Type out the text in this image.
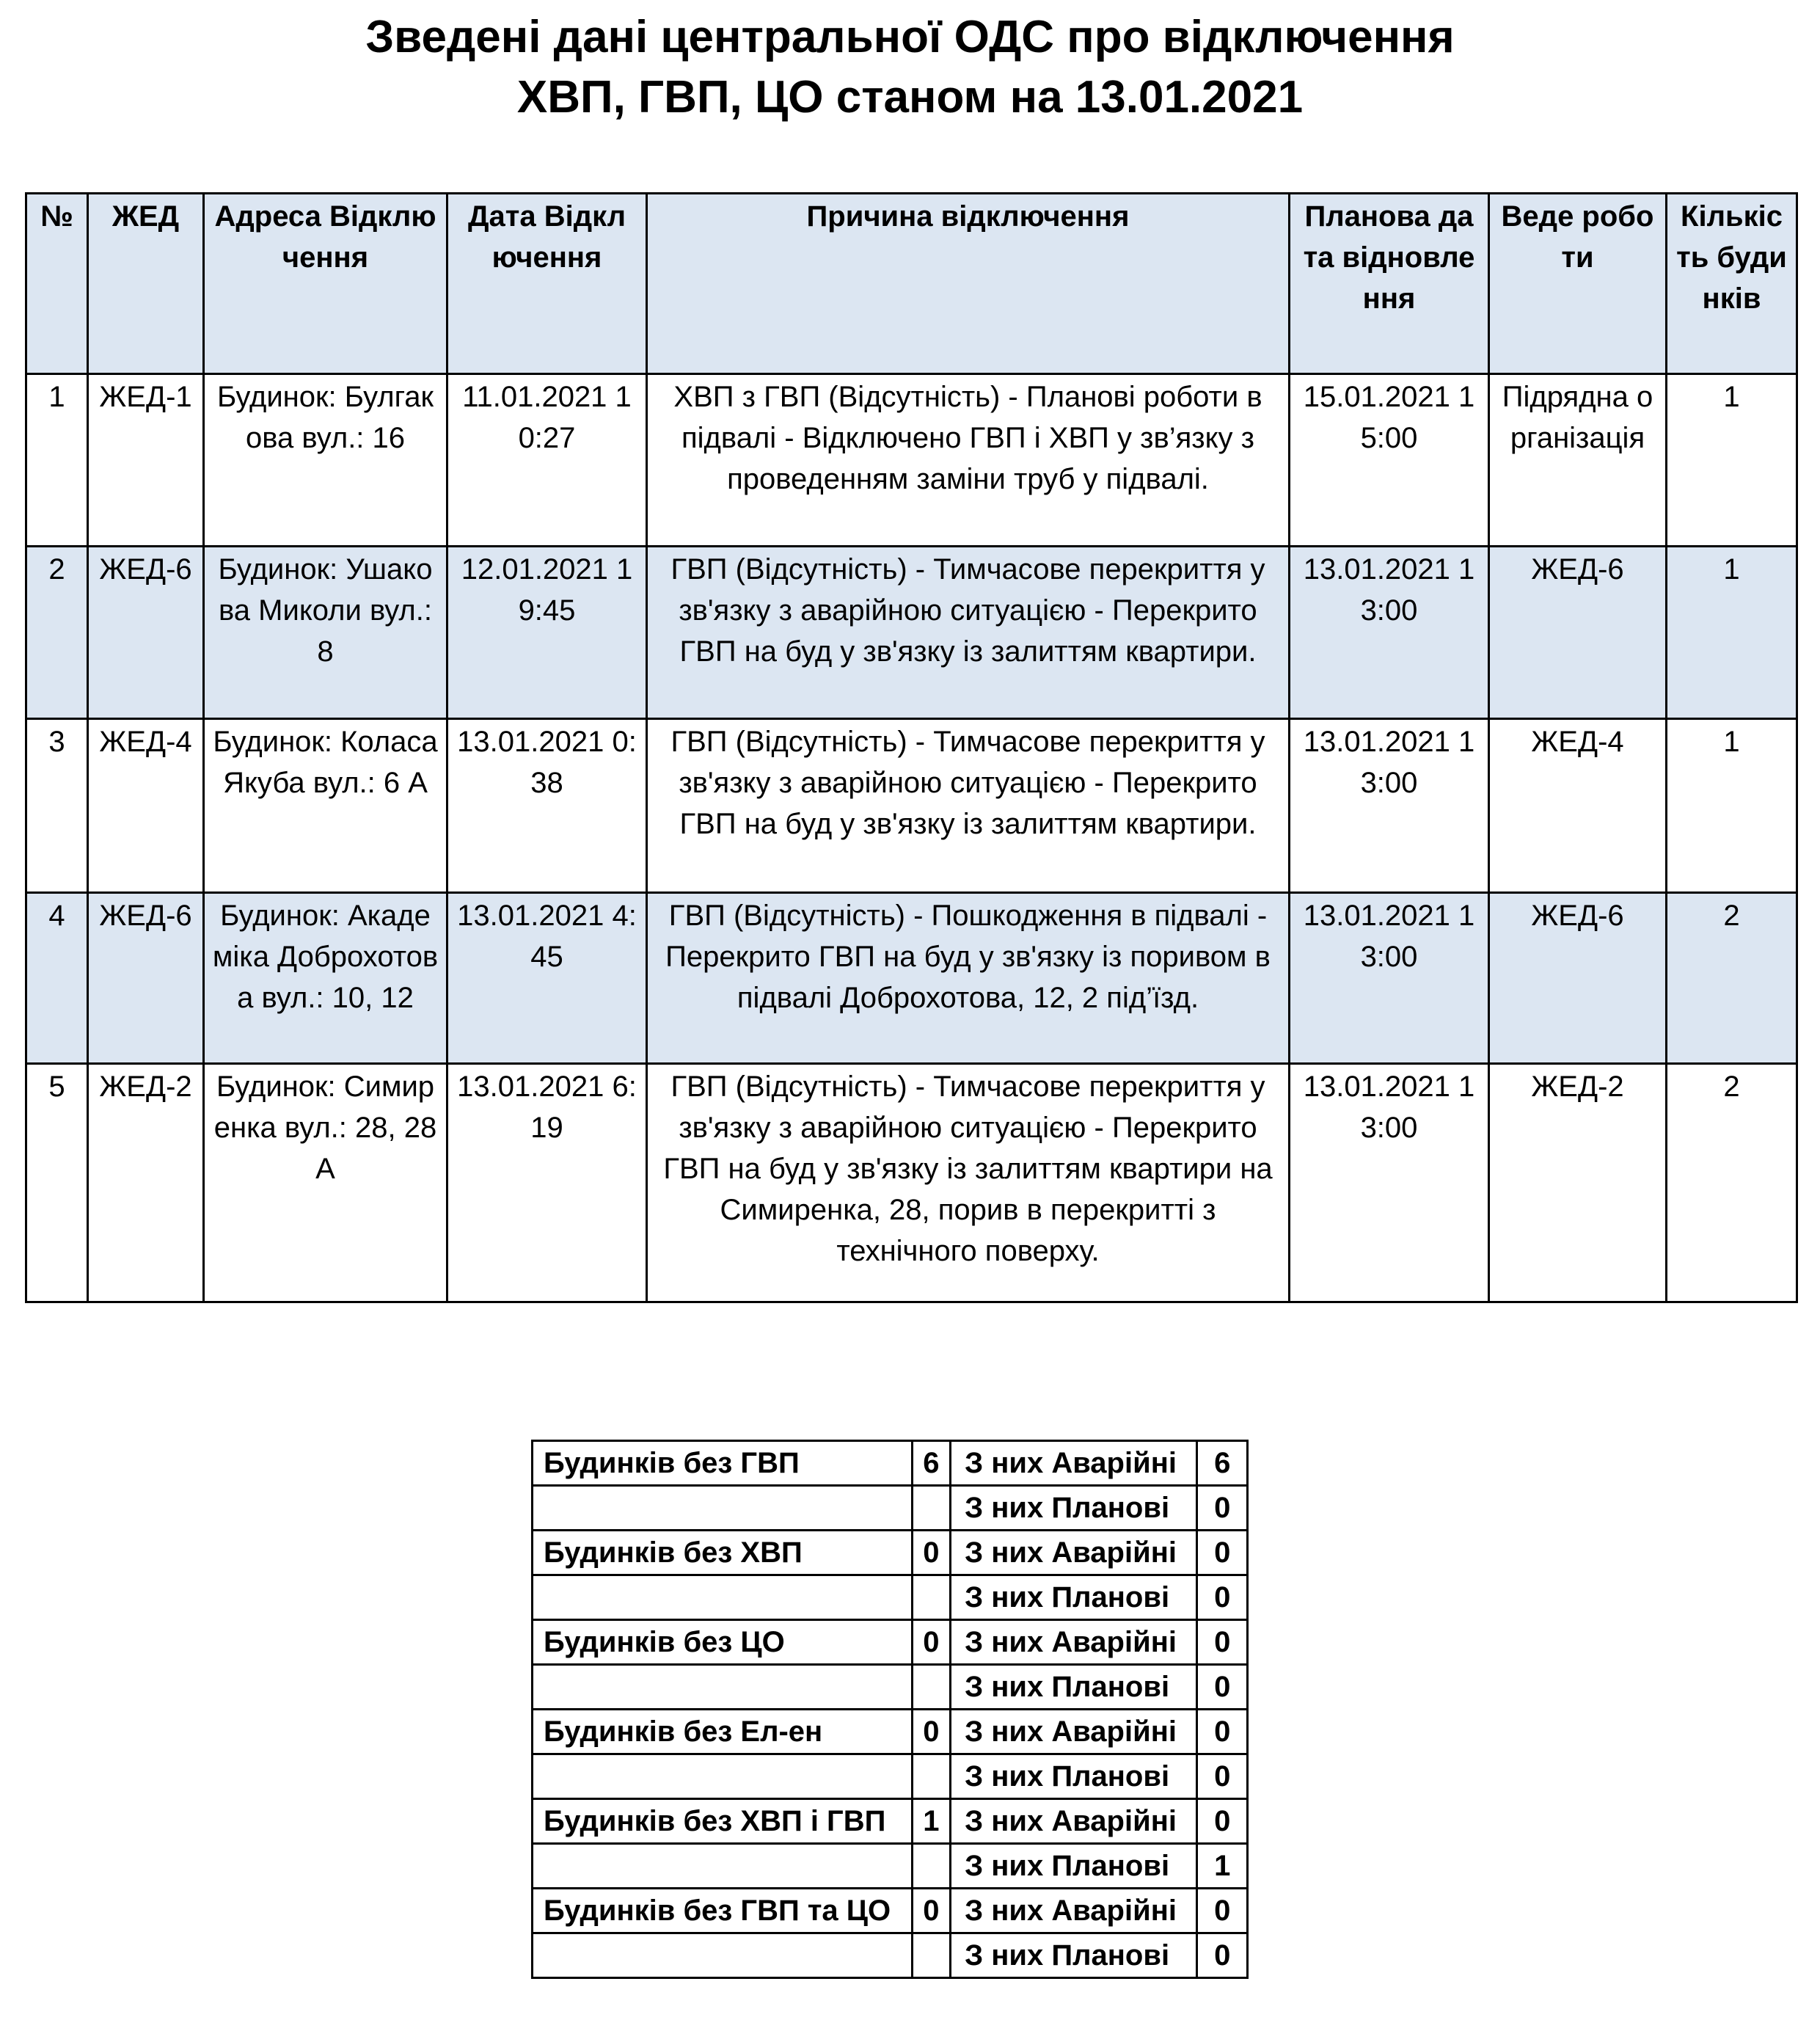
Зведені дані центральної ОДС про відключення
ХВП, ГВП, ЦО станом на 13.01.2021
№	ЖЕД	Адреса Відключення	Дата Відключення	Причина відключення	Планова дата відновлення	Веде роботи	Кількість будинків
1	ЖЕД-1	Будинок: Булгакова вул.: 16	11.01.2021 10:27	ХВП з ГВП (Відсутність) - Планові роботи в підвалі - Відключено ГВП і ХВП у зв’язку з проведенням заміни труб у підвалі.	15.01.2021 15:00	Підрядна організація	1
2	ЖЕД-6	Будинок: Ушакова Миколи вул.: 8	12.01.2021 19:45	ГВП (Відсутність) - Тимчасове перекриття у зв'язку з аварійною ситуацією - Перекрито ГВП на буд у зв'язку із залиттям квартири.	13.01.2021 13:00	ЖЕД-6	1
3	ЖЕД-4	Будинок: Коласа Якуба вул.: 6 А	13.01.2021 0:38	ГВП (Відсутність) - Тимчасове перекриття у зв'язку з аварійною ситуацією - Перекрито ГВП на буд у зв'язку із залиттям квартири.	13.01.2021 13:00	ЖЕД-4	1
4	ЖЕД-6	Будинок: Академіка Доброхотова вул.: 10, 12	13.01.2021 4:45	ГВП (Відсутність) - Пошкодження в підвалі - Перекрито ГВП на буд у зв'язку із поривом в підвалі Доброхотова, 12, 2 під’їзд.	13.01.2021 13:00	ЖЕД-6	2
5	ЖЕД-2	Будинок: Симиренка вул.: 28, 28 А	13.01.2021 6:19	ГВП (Відсутність) - Тимчасове перекриття у зв'язку з аварійною ситуацією - Перекрито ГВП на буд у зв'язку із залиттям квартири на Симиренка, 28, порив в перекритті з технічного поверху.	13.01.2021 13:00	ЖЕД-2	2
Будинків без ГВП	6	З них Аварійні	6
		З них Планові	0
Будинків без ХВП	0	З них Аварійні	0
		З них Планові	0
Будинків без ЦО	0	З них Аварійні	0
		З них Планові	0
Будинків без Ел-ен	0	З них Аварійні	0
		З них Планові	0
Будинків без ХВП і ГВП	1	З них Аварійні	0
		З них Планові	1
Будинків без ГВП та ЦО	0	З них Аварійні	0
		З них Планові	0
